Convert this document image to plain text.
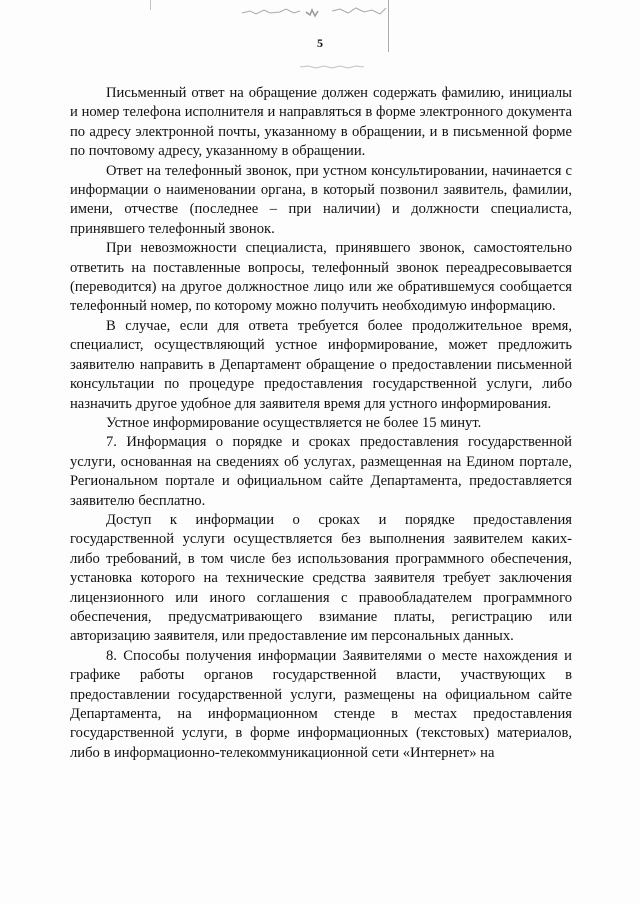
5

Письменный ответ на обращение должен содержать фамилию, инициалы и номер телефона исполнителя и направляться в форме электронного документа по адресу электронной почты, указанному в обращении, и в письменной форме по почтовому адресу, указанному в обращении.

Ответ на телефонный звонок, при устном консультировании, начинается с информации о наименовании органа, в который позвонил заявитель, фамилии, имени, отчестве (последнее – при наличии) и должности специалиста, принявшего телефонный звонок.

При невозможности специалиста, принявшего звонок, самостоятельно ответить на поставленные вопросы, телефонный звонок переадресовывается (переводится) на другое должностное лицо или же обратившемуся сообщается телефонный номер, по которому можно получить необходимую информацию.

В случае, если для ответа требуется более продолжительное время, специалист, осуществляющий устное информирование, может предложить заявителю направить в Департамент обращение о предоставлении письменной консультации по процедуре предоставления государственной услуги, либо назначить другое удобное для заявителя время для устного информирования.

Устное информирование осуществляется не более 15 минут.

7. Информация о порядке и сроках предоставления государственной услуги, основанная на сведениях об услугах, размещенная на Едином портале, Региональном портале и официальном сайте Департамента, предоставляется заявителю бесплатно.

Доступ к информации о сроках и порядке предоставления государственной услуги осуществляется без выполнения заявителем каких-либо требований, в том числе без использования программного обеспечения, установка которого на технические средства заявителя требует заключения лицензионного или иного соглашения с правообладателем программного обеспечения, предусматривающего взимание платы, регистрацию или авторизацию заявителя, или предоставление им персональных данных.

8. Способы получения информации Заявителями о месте нахождения и графике работы органов государственной власти, участвующих в предоставлении государственной услуги, размещены на официальном сайте Департамента, на информационном стенде в местах предоставления государственной услуги, в форме информационных (текстовых) материалов, либо в информационно-телекоммуникационной сети «Интернет» на
